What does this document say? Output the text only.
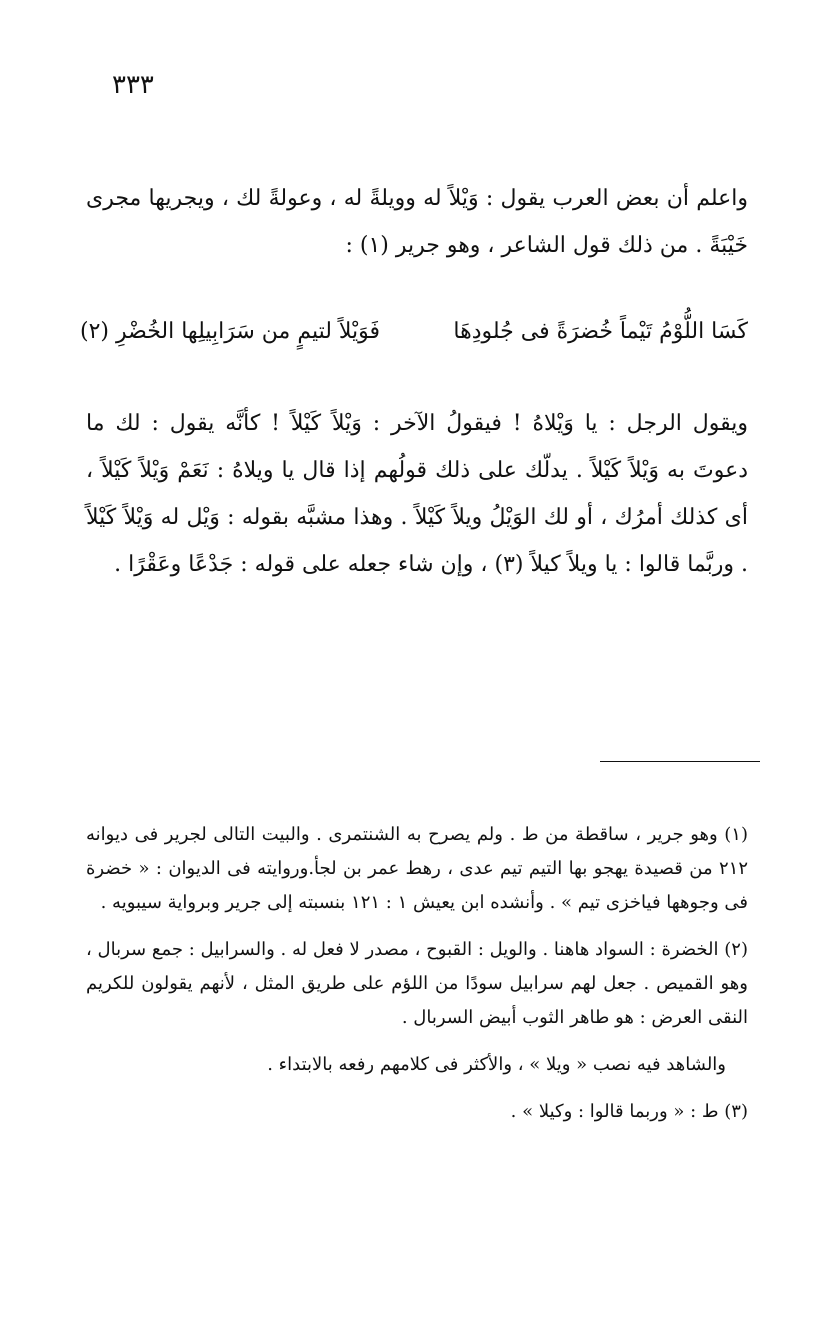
٣٣٣

واعلم أن بعض العرب يقول : وَيْلاً له وويلةً له ، وعولةً لك ، ويجريها مجرى خَيْبَةً . من ذلك قول الشاعر ، وهو جرير (١) :

كَسَا اللُّوْمُ تَيْماً خُضرَةً فى جُلودِهَا
فَوَيْلاً لتيمٍ من سَرَابِيلِها الخُضْرِ (٢)

ويقول الرجل : يا وَيْلاهُ ! فيقولُ الآخر : وَيْلاً كَيْلاً ! كأنَّه يقول : لك ما دعوتَ به وَيْلاً كَيْلاً . يدلّك على ذلك قولُهم إذا قال يا ويلاهُ : نَعَمْ وَيْلاً كَيْلاً ، أى كذلك أمرُك ، أو لك الوَيْلُ ويلاً كَيْلاً . وهذا مشبَّه بقوله : وَيْل له وَيْلاً كَيْلاً . وربَّما قالوا : يا ويلاً كيلاً (٣) ، وإن شاء جعله على قوله : جَدْعًا وعَقْرًا .

(١) وهو جرير ، ساقطة من ط . ولم يصرح به الشنتمرى . والبيت التالى لجرير فى ديوانه ٢١٢ من قصيدة يهجو بها التيم تيم عدى ، رهط عمر بن لجأ.وروايته فى الديوان : « خضرة فى وجوهها فياخزى تيم » . وأنشده ابن يعيش ١ : ١٢١ بنسبته إلى جرير وبرواية سيبويه .

(٢) الخضرة : السواد هاهنا . والويل : القبوح ، مصدر لا فعل له . والسرابيل : جمع سربال ، وهو القميص . جعل لهم سرابيل سودًا من اللؤم على طريق المثل ، لأنهم يقولون للكريم النقى العرض : هو طاهر الثوب أبيض السربال .

والشاهد فيه نصب « ويلا » ، والأكثر فى كلامهم رفعه بالابتداء .

(٣) ط : « وربما قالوا : وكيلا » .
